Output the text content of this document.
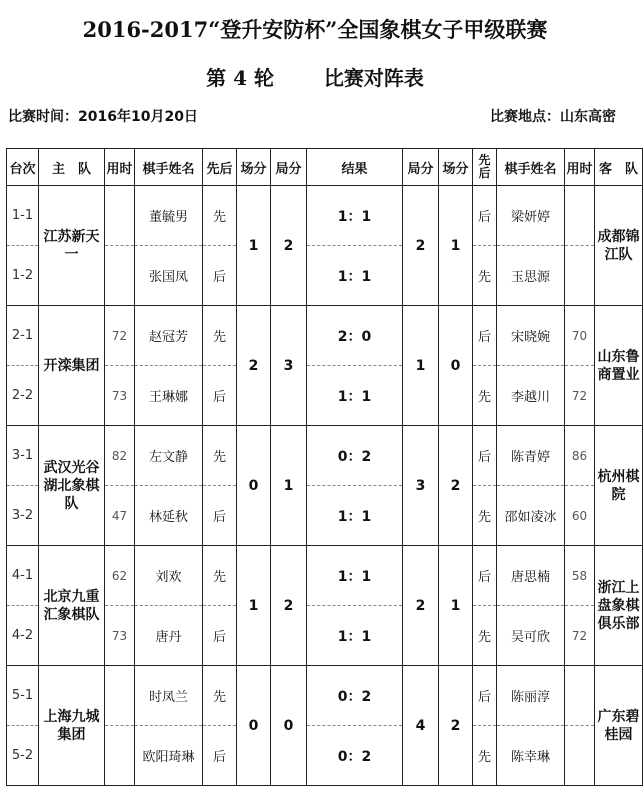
2016-2017“登升安防杯”全国象棋女子甲级联赛
第 4 轮 比赛对阵表
比赛时间：2016年10月20日	比赛地点：山东高密
台次	主　队	用时	棋手姓名	先后	场分	局分	结果	局分	场分	先后	棋手姓名	用时	客　队
1-1	江苏新天一		董毓男	先	1	2	1：1	2	1	后	梁妍婷		成都锦江队
1-2			张国凤	后			1：1			先	玉思源		
2-1	开滦集团	72	赵冠芳	先	2	3	2：0	1	0	后	宋晓婉	70	山东鲁商置业
2-2		73	王琳娜	后			1：1			先	李越川	72	
3-1	武汉光谷湖北象棋队	82	左文静	先	0	1	0：2	3	2	后	陈青婷	86	杭州棋院
3-2		47	林延秋	后			1：1			先	邵如凌冰	60	
4-1	北京九重汇象棋队	62	刘欢	先	1	2	1：1	2	1	后	唐思楠	58	浙江上盘象棋俱乐部
4-2		73	唐丹	后			1：1			先	吴可欣	72	
5-1	上海九城集团		时凤兰	先	0	0	0：2	4	2	后	陈丽淳		广东碧桂园
5-2			欧阳琦琳	后			0：2			先	陈幸琳		
